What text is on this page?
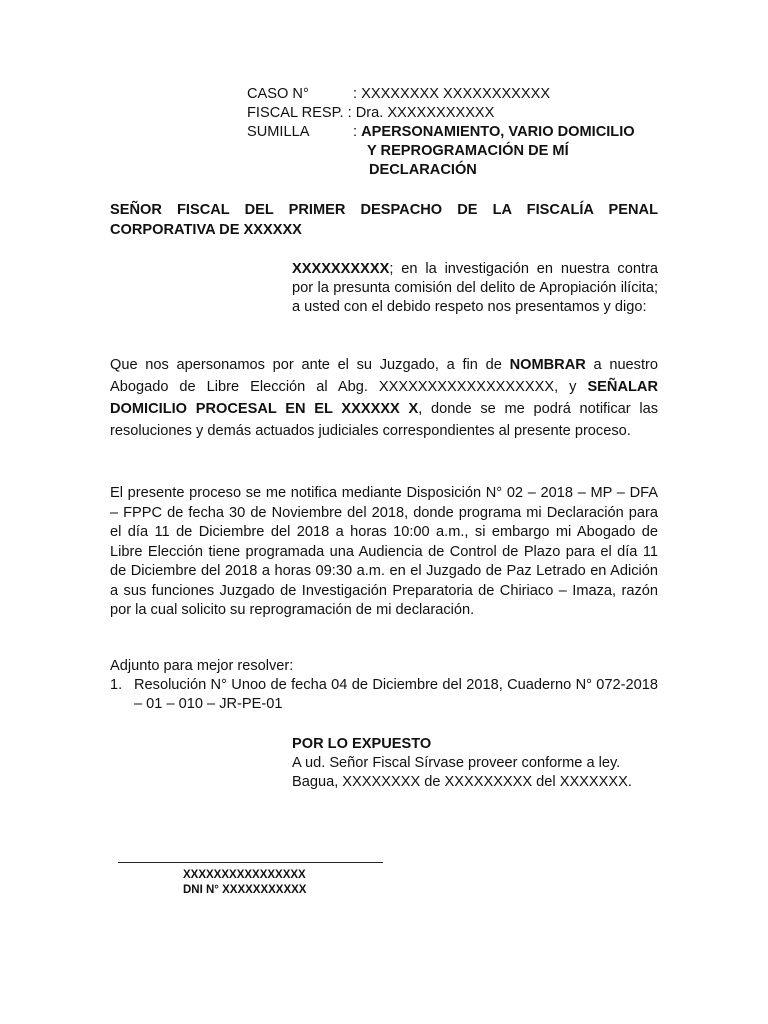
CASO N°	: XXXXXXXX XXXXXXXXXXX
FISCAL RESP. : Dra. XXXXXXXXXXX
SUMILLA	: APERSONAMIENTO, VARIO DOMICILIO
Y REPROGRAMACIÓN DE MÍ
DECLARACIÓN
SEÑOR FISCAL DEL PRIMER DESPACHO DE LA FISCALÍA PENAL CORPORATIVA DE XXXXXX
XXXXXXXXXX; en la investigación en nuestra contra por la presunta comisión del delito de Apropiación ilícita; a usted con el debido respeto nos presentamos y digo:
Que nos apersonamos por ante el su Juzgado, a fin de NOMBRAR a nuestro Abogado de Libre Elección al Abg. XXXXXXXXXXXXXXXXXX, y SEÑALAR DOMICILIO PROCESAL EN EL XXXXXX X, donde se me podrá notificar las resoluciones y demás actuados judiciales correspondientes al presente proceso.
El presente proceso se me notifica mediante Disposición N° 02 – 2018 – MP – DFA – FPPC de fecha 30 de Noviembre del 2018, donde programa mi Declaración para el día 11 de Diciembre del 2018 a horas 10:00 a.m., si embargo mi Abogado de Libre Elección tiene programada una Audiencia de Control de Plazo para el día 11 de Diciembre del 2018 a horas 09:30 a.m. en el Juzgado de Paz Letrado en Adición a sus funciones Juzgado de Investigación Preparatoria de Chiriaco – Imaza, razón por la cual solicito su reprogramación de mi declaración.
Adjunto para mejor resolver:
1. Resolución N° Unoo de fecha 04 de Diciembre del 2018, Cuaderno N° 072-2018 – 01 – 010 – JR-PE-01
POR LO EXPUESTO
A ud. Señor Fiscal Sírvase proveer conforme a ley.
Bagua, XXXXXXXX de XXXXXXXXX del XXXXXXX.
XXXXXXXXXXXXXXXX
DNI N° XXXXXXXXXXX
